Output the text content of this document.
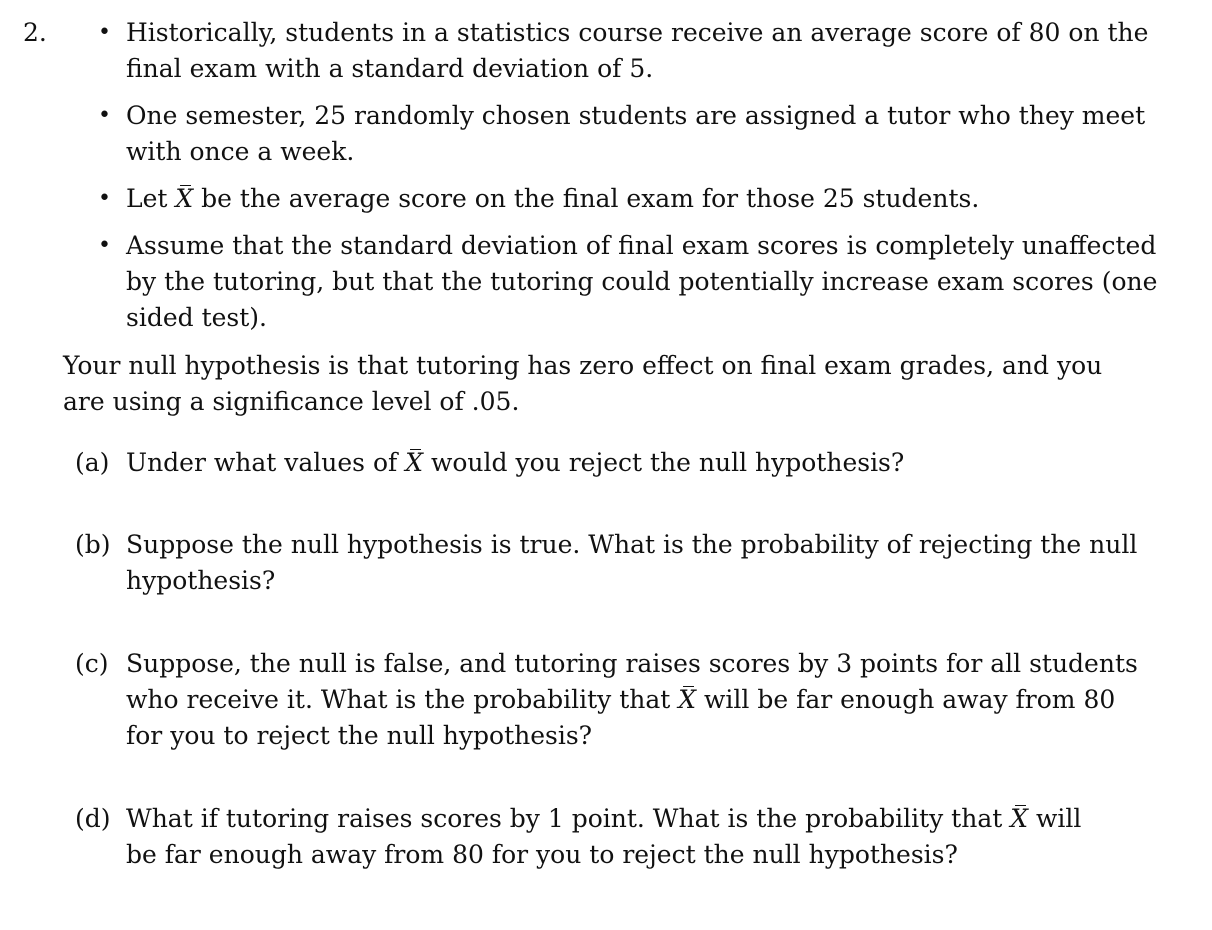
2. • Historically, students in a statistics course receive an average score of 80 on the

final exam with a standard deviation of 5.

• One semester, 25 randomly chosen students are assigned a tutor who they meet

with once a week.

• Let X be the average score on the final exam for those 25 students.

• Assume that the standard deviation of final exam scores is completely unaffected

by the tutoring, but that the tutoring could potentially increase exam scores (one

sided test).

Your null hypothesis is that tutoring has zero effect on final exam grades, and you

are using a significance level of .05.

(a) Under what values of X would you reject the null hypothesis?

(b) Suppose the null hypothesis is true. What is the probability of rejecting the null

hypothesis?

(c) Suppose, the null is false, and tutoring raises scores by 3 points for all students

who receive it. What is the probability that X will be far enough away from 80

for you to reject the null hypothesis?

(d) What if tutoring raises scores by 1 point. What is the probability that X will

be far enough away from 80 for you to reject the null hypothesis?
